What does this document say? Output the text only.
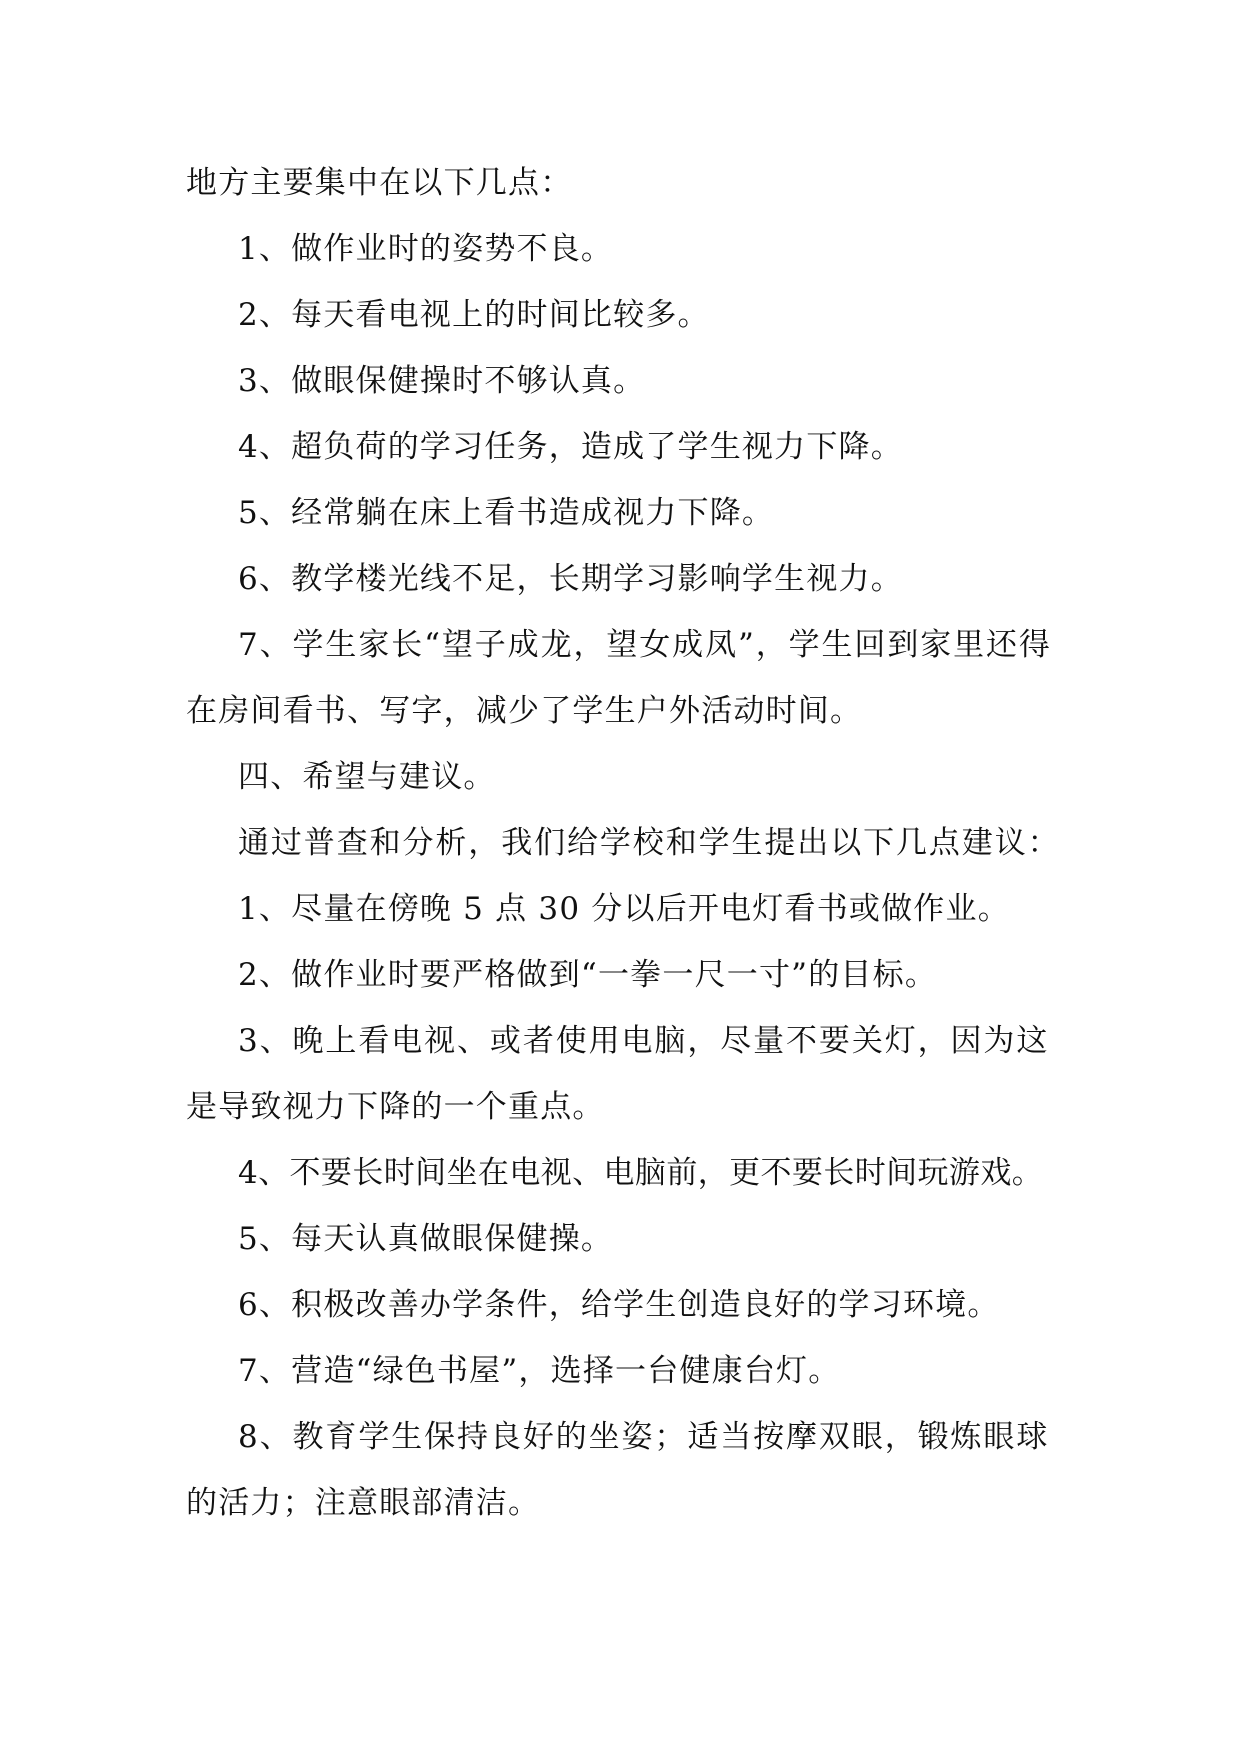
地方主要集中在以下几点：
1、做作业时的姿势不良。
2、每天看电视上的时间比较多。
3、做眼保健操时不够认真。
4、超负荷的学习任务，造成了学生视力下降。
5、经常躺在床上看书造成视力下降。
6、教学楼光线不足，长期学习影响学生视力。
7、学生家长“望子成龙，望女成凤”，学生回到家里还得
在房间看书、写字，减少了学生户外活动时间。
四、希望与建议。
通过普查和分析，我们给学校和学生提出以下几点建议：
1、尽量在傍晚 5 点 30 分以后开电灯看书或做作业。
2、做作业时要严格做到“一拳一尺一寸”的目标。
3、晚上看电视、或者使用电脑，尽量不要关灯，因为这
是导致视力下降的一个重点。
4、不要长时间坐在电视、电脑前，更不要长时间玩游戏。
5、每天认真做眼保健操。
6、积极改善办学条件，给学生创造良好的学习环境。
7、营造“绿色书屋”，选择一台健康台灯。
8、教育学生保持良好的坐姿；适当按摩双眼，锻炼眼球
的活力；注意眼部清洁。
